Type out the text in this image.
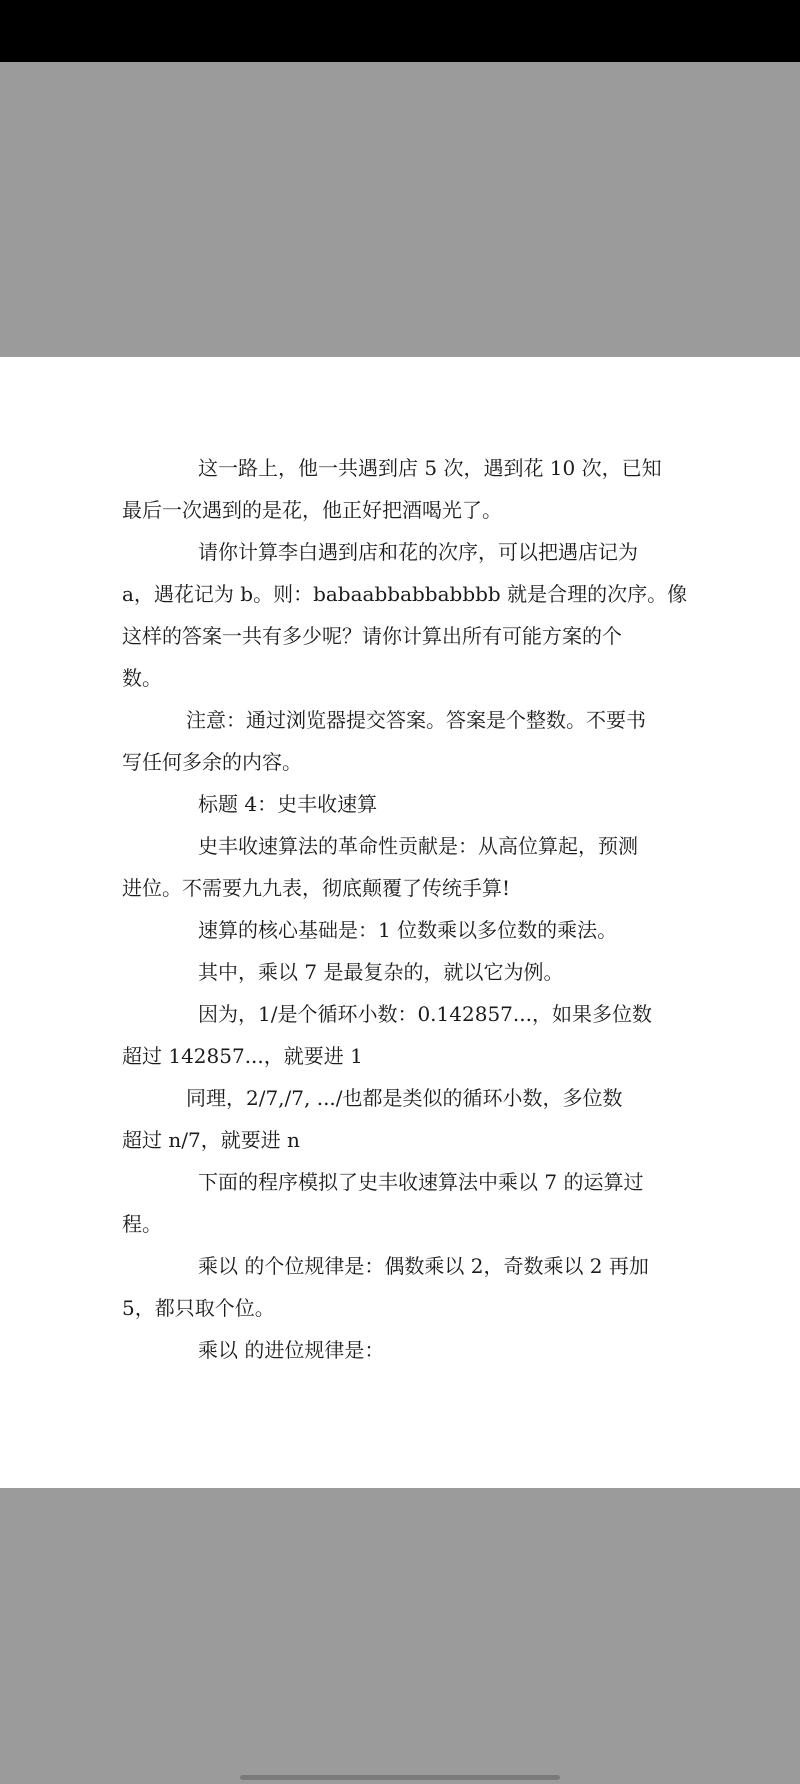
这一路上，他一共遇到店 5 次，遇到花 10 次，已知

最后一次遇到的是花，他正好把酒喝光了。

请你计算李白遇到店和花的次序，可以把遇店记为

a，遇花记为 b。则：babaabbabbabbbb 就是合理的次序。像

这样的答案一共有多少呢？请你计算出所有可能方案的个

数。

注意：通过浏览器提交答案。答案是个整数。不要书

写任何多余的内容。

标题 4：史丰收速算

史丰收速算法的革命性贡献是：从高位算起，预测

进位。不需要九九表，彻底颠覆了传统手算!

速算的核心基础是：1 位数乘以多位数的乘法。

其中，乘以 7 是最复杂的，就以它为例。

因为，1/是个循环小数：0.142857...，如果多位数

超过 142857...，就要进 1

同理，2/7,/7, .../也都是类似的循环小数，多位数

超过 n/7，就要进 n

下面的程序模拟了史丰收速算法中乘以 7 的运算过

程。

乘以 的个位规律是：偶数乘以 2，奇数乘以 2 再加

5，都只取个位。

乘以 的进位规律是：
